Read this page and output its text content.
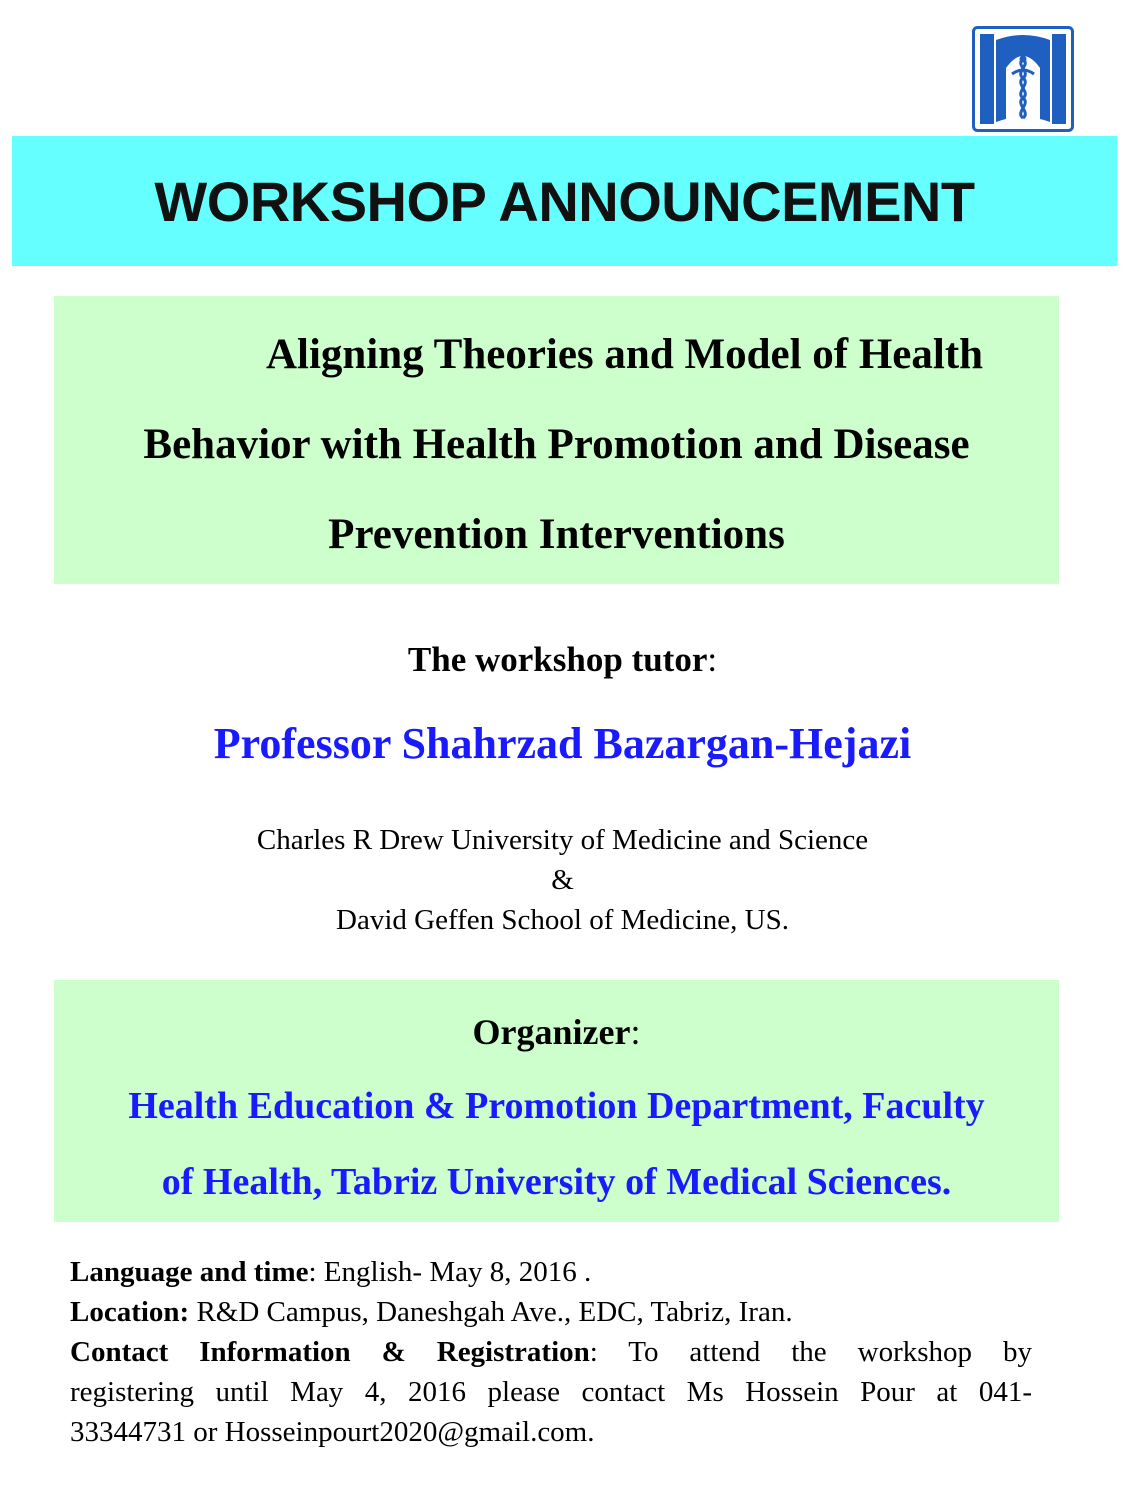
WORKSHOP ANNOUNCEMENT
Aligning Theories and Model of Health
Behavior with Health Promotion and Disease
Prevention Interventions
The workshop tutor:
Professor Shahrzad Bazargan-Hejazi
Charles R Drew University of Medicine and Science
&
David Geffen School of Medicine, US.
Organizer:
Health Education & Promotion Department, Faculty
of Health, Tabriz University of Medical Sciences.
Language and time: English- May 8, 2016 .
Location: R&D Campus, Daneshgah Ave., EDC, Tabriz, Iran.
Contact Information & Registration: To attend the workshop by
registering until May 4, 2016 please contact Ms Hossein Pour at 041-
33344731 or Hosseinpourt2020@gmail.com.
